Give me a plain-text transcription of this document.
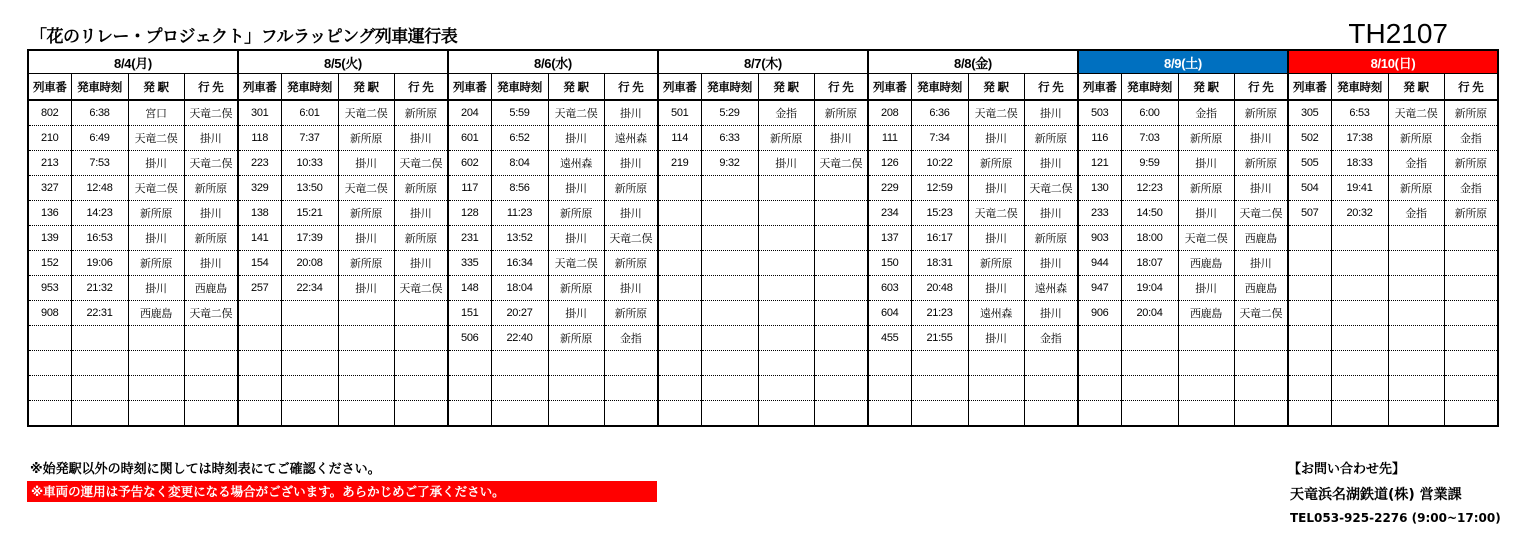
「花のリレー・プロジェクト」フルラッピング列車運行表	TH2107
8/4(月)				8/5(火)				8/6(水)				8/7(木)				8/8(金)				8/9(土)				8/10(日)			
列車番	発車時刻	発 駅	行 先	列車番	発車時刻	発 駅	行 先	列車番	発車時刻	発 駅	行 先	列車番	発車時刻	発 駅	行 先	列車番	発車時刻	発 駅	行 先	列車番	発車時刻	発 駅	行 先	列車番	発車時刻	発 駅	行 先
802	6:38	宮口	天竜二俣	301	6:01	天竜二俣	新所原	204	5:59	天竜二俣	掛川	501	5:29	金指	新所原	208	6:36	天竜二俣	掛川	503	6:00	金指	新所原	305	6:53	天竜二俣	新所原
210	6:49	天竜二俣	掛川	118	7:37	新所原	掛川	601	6:52	掛川	遠州森	114	6:33	新所原	掛川	111	7:34	掛川	新所原	116	7:03	新所原	掛川	502	17:38	新所原	金指
213	7:53	掛川	天竜二俣	223	10:33	掛川	天竜二俣	602	8:04	遠州森	掛川	219	9:32	掛川	天竜二俣	126	10:22	新所原	掛川	121	9:59	掛川	新所原	505	18:33	金指	新所原
327	12:48	天竜二俣	新所原	329	13:50	天竜二俣	新所原	117	8:56	掛川	新所原					229	12:59	掛川	天竜二俣	130	12:23	新所原	掛川	504	19:41	新所原	金指
136	14:23	新所原	掛川	138	15:21	新所原	掛川	128	11:23	新所原	掛川					234	15:23	天竜二俣	掛川	233	14:50	掛川	天竜二俣	507	20:32	金指	新所原
139	16:53	掛川	新所原	141	17:39	掛川	新所原	231	13:52	掛川	天竜二俣					137	16:17	掛川	新所原	903	18:00	天竜二俣	西鹿島				
152	19:06	新所原	掛川	154	20:08	新所原	掛川	335	16:34	天竜二俣	新所原					150	18:31	新所原	掛川	944	18:07	西鹿島	掛川				
953	21:32	掛川	西鹿島	257	22:34	掛川	天竜二俣	148	18:04	新所原	掛川					603	20:48	掛川	遠州森	947	19:04	掛川	西鹿島				
908	22:31	西鹿島	天竜二俣					151	20:27	掛川	新所原					604	21:23	遠州森	掛川	906	20:04	西鹿島	天竜二俣				
								506	22:40	新所原	金指					455	21:55	掛川	金指								

※始発駅以外の時刻に関しては時刻表にてご確認ください。
※車両の運用は予告なく変更になる場合がございます。あらかじめご了承ください。
【お問い合わせ先】
天竜浜名湖鉄道(株) 営業課
TEL053-925-2276 (9:00~17:00)
